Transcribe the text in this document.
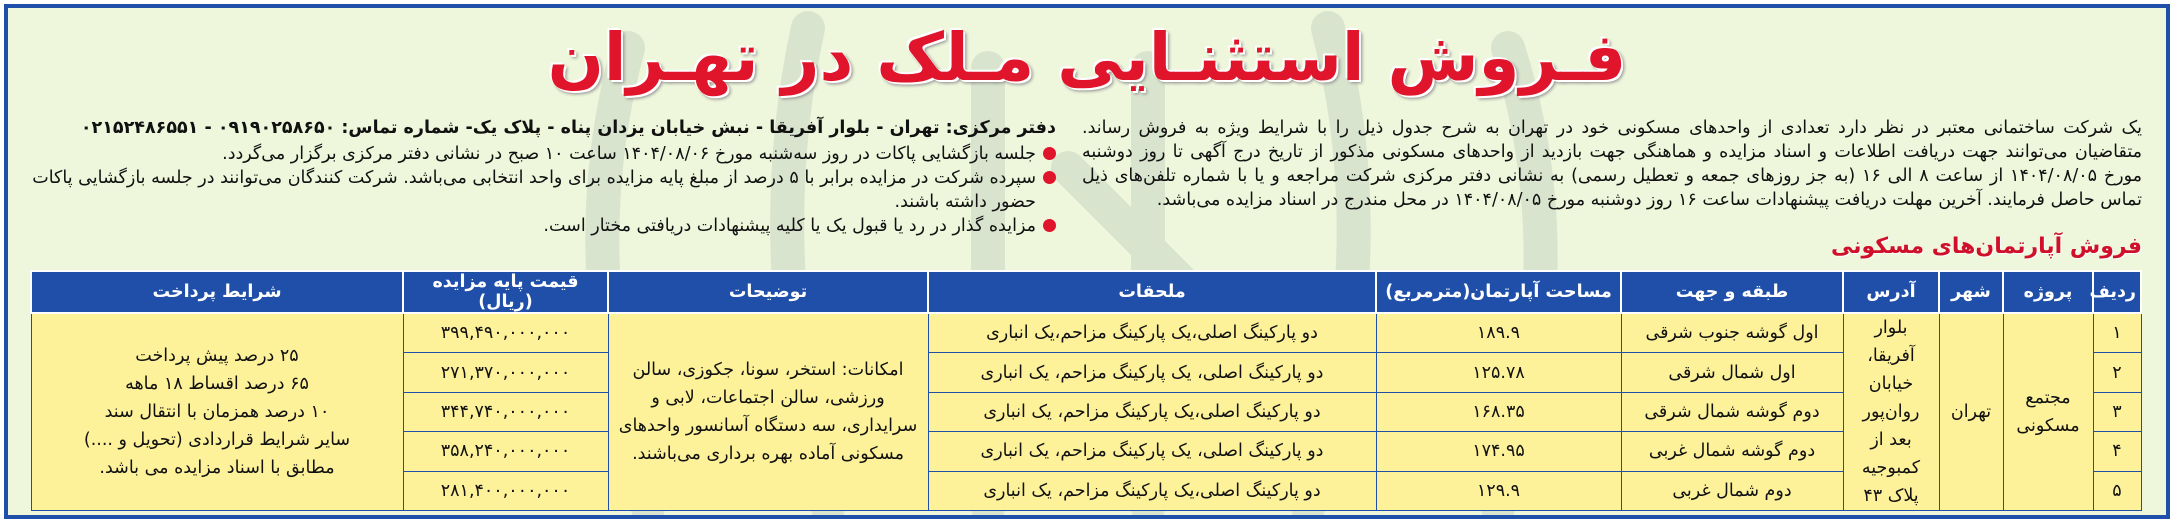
فـروش استثنـایی مـلک در تهـران
یک شرکت ساختمانی معتبر در نظر دارد تعدادی از واحدهای مسکونی خود در تهران به شرح جدول ذیل را با شرایط ویژه به فروش رساند. متقاضیان می‌توانند جهت دریافت اطلاعات و اسناد مزایده و هماهنگی جهت بازدید از واحدهای مسکونی مذکور از تاریخ درج آگهی تا روز دوشنبه مورخ ۱۴۰۴/۰۸/۰۵ از ساعت ۸ الی ۱۶ (به جز روزهای جمعه و تعطیل رسمی) به نشانی دفتر مرکزی شرکت مراجعه و یا با شماره تلفن‌های ذیل تماس حاصل فرمایند. آخرین مهلت دریافت پیشنهادات ساعت ۱۶ روز دوشنبه مورخ ۱۴۰۴/۰۸/۰۵ در محل مندرج در اسناد مزایده می‌باشد.
دفتر مرکزی: تهران - بلوار آفریقا - نبش خیابان یزدان پناه - پلاک یک- شماره تماس: ۰۹۱۹۰۲۵۸۶۵۰ - ۰۲۱۵۲۴۸۶۵۵۱
جلسه بازگشایی پاکات در روز سه‌شنبه مورخ ۱۴۰۴/۰۸/۰۶ ساعت ۱۰ صبح در نشانی دفتر مرکزی برگزار می‌گردد.
سپرده شرکت در مزایده برابر با ۵ درصد از مبلغ پایه مزایده برای واحد انتخابی می‌باشد. شرکت کنندگان می‌توانند در جلسه بازگشایی پاکات حضور داشته باشند.
مزایده گذار در رد یا قبول یک یا کلیه پیشنهادات دریافتی مختار است.
فروش آپارتمان‌های مسکونی
ردیف	پروژه	شهر	آدرس	طبقه و جهت	مساحت آپارتمان(مترمربع)	ملحقات	توضیحات	قیمت پایه مزایده (ریال)	شرایط پرداخت
۱	مجتمع مسکونی	تهران	بلوار آفریقا، خیابان روان‌پور بعد از کمبوجیه پلاک ۴۳	اول گوشه جنوب شرقی	۱۸۹.۹	دو پارکینگ اصلی،یک پارکینگ مزاحم،یک انباری	امکانات: استخر، سونا، جکوزی، سالن ورزشی، سالن اجتماعات، لابی و سرایداری، سه دستگاه آسانسور واحدهای مسکونی آماده بهره برداری می‌باشند.	۳۹۹,۴۹۰,۰۰۰,۰۰۰	۲۵ درصد پیش پرداخت
۶۵ درصد اقساط ۱۸ ماهه
۱۰ درصد همزمان با انتقال سند
سایر شرایط قراردادی (تحویل و ....)
مطابق با اسناد مزایده می باشد.

۲				اول شمال شرقی	۱۲۵.۷۸	دو پارکینگ اصلی، یک پارکینگ مزاحم، یک انباری		۲۷۱,۳۷۰,۰۰۰,۰۰۰	
۳				دوم گوشه شمال شرقی	۱۶۸.۳۵	دو پارکینگ اصلی،یک پارکینگ مزاحم، یک انباری		۳۴۴,۷۴۰,۰۰۰,۰۰۰	
۴				دوم گوشه شمال غربی	۱۷۴.۹۵	دو پارکینگ اصلی، یک پارکینگ مزاحم، یک انباری		۳۵۸,۲۴۰,۰۰۰,۰۰۰	
۵				دوم شمال غربی	۱۲۹.۹	دو پارکینگ اصلی،یک پارکینگ مزاحم، یک انباری		۲۸۱,۴۰۰,۰۰۰,۰۰۰	
